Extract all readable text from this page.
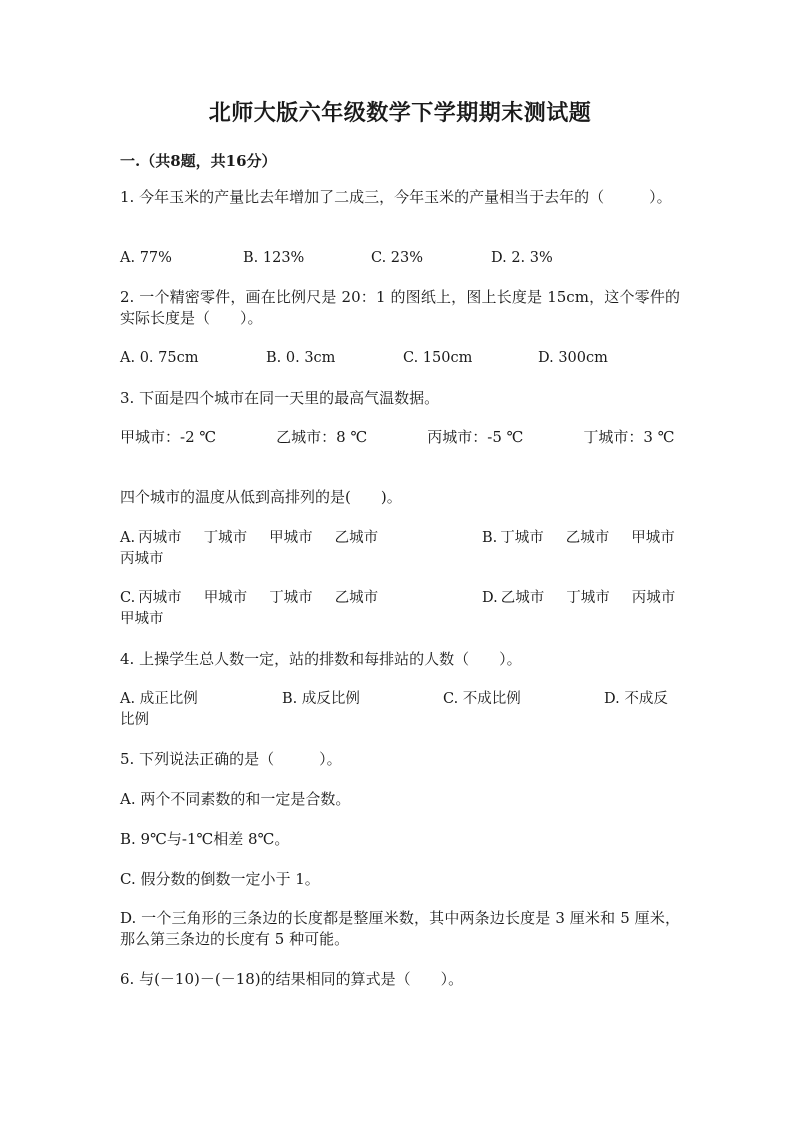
北师大版六年级数学下学期期末测试题
一.（共8题，共16分）
1. 今年玉米的产量比去年增加了二成三，今年玉米的产量相当于去年的（　　　）。
A. 77%	B. 123%	C. 23%	D. 2. 3%
2. 一个精密零件，画在比例尺是 20：1 的图纸上，图上长度是 15cm，这个零件的实际长度是（　　）。
A. 0. 75cm	B. 0. 3cm	C. 150cm	D. 300cm
3. 下面是四个城市在同一天里的最高气温数据。
甲城市：-2 ℃　　　　乙城市：8 ℃　　　　丙城市：-5 ℃　　　　丁城市：3 ℃
四个城市的温度从低到高排列的是(　　)。
A. 丙城市 丁城市 甲城市 乙城市	B. 丁城市 乙城市 甲城市
丙城市
C. 丙城市 甲城市 丁城市 乙城市	D. 乙城市 丁城市 丙城市
甲城市
4. 上操学生总人数一定，站的排数和每排站的人数（　　）。
A. 成正比例	B. 成反比例	C. 不成比例	D. 不成反比例
5. 下列说法正确的是（　　　）。
A. 两个不同素数的和一定是合数。
B. 9℃与-1℃相差 8℃。
C. 假分数的倒数一定小于 1。
D. 一个三角形的三条边的长度都是整厘米数，其中两条边长度是 3 厘米和 5 厘米，那么第三条边的长度有 5 种可能。
6. 与(－10)－(－18)的结果相同的算式是（　　）。
